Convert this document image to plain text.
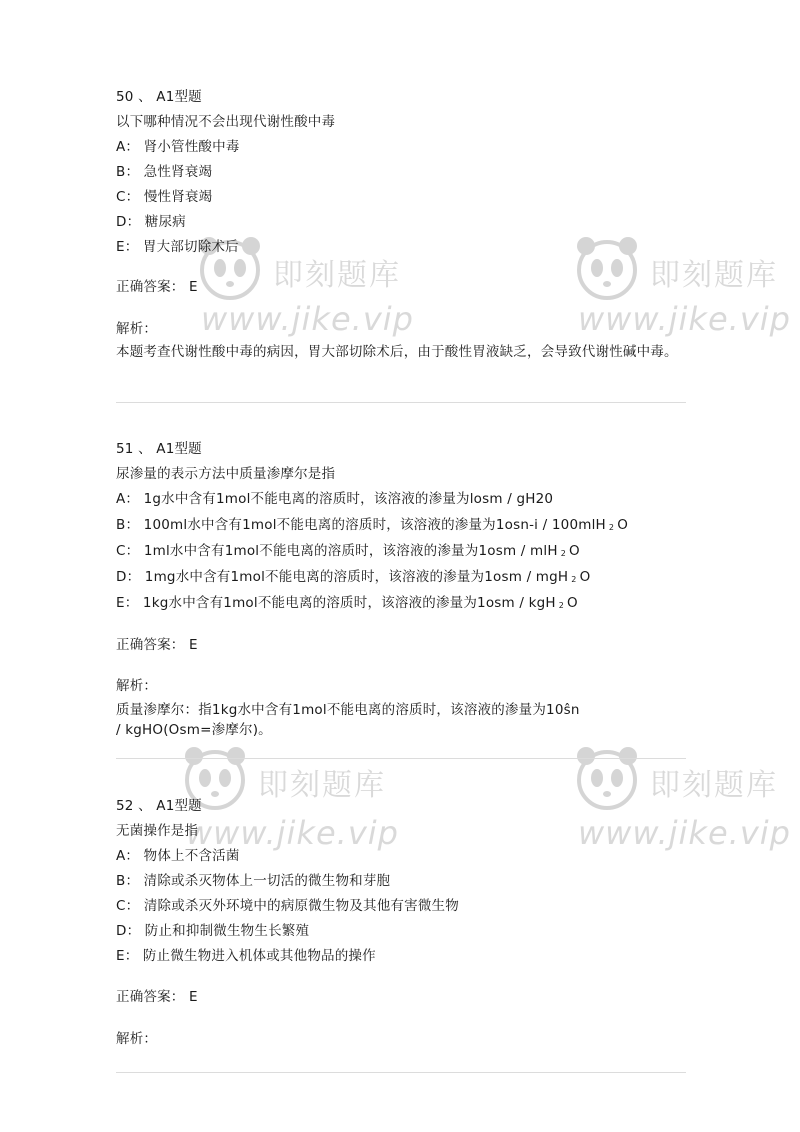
即刻题库
www.jike.vip
即刻题库
www.jike.vip
即刻题库
www.jike.vip
即刻题库
www.jike.vip
50 、 A1型题
以下哪种情况不会出现代谢性酸中毒
A： 肾小管性酸中毒
B： 急性肾衰竭
C： 慢性肾衰竭
D： 糖尿病
E： 胃大部切除术后
正确答案： E
解析：
本题考查代谢性酸中毒的病因，胃大部切除术后，由于酸性胃液缺乏，会导致代谢性碱中毒。
51 、 A1型题
尿渗量的表示方法中质量渗摩尔是指
A： 1g水中含有1mol不能电离的溶质时，该溶液的渗量为losm / gH20
B： 100ml水中含有1mol不能电离的溶质时，该溶液的渗量为1osn-i / 100mlH 2 O
C： 1ml水中含有1mol不能电离的溶质时，该溶液的渗量为1osm / mlH 2 O
D： 1mg水中含有1mol不能电离的溶质时，该溶液的渗量为1osm / mgH 2 O
E： 1kg水中含有1mol不能电离的溶质时，该溶液的渗量为1osm / kgH 2 O
正确答案： E
解析：
质量渗摩尔：指1kg水中含有1mol不能电离的溶质时，该溶液的渗量为10ŝn
/ kgHO(Osm=渗摩尔)。
52 、 A1型题
无菌操作是指
A： 物体上不含活菌
B： 清除或杀灭物体上一切活的微生物和芽胞
C： 清除或杀灭外环境中的病原微生物及其他有害微生物
D： 防止和抑制微生物生长繁殖
E： 防止微生物进入机体或其他物品的操作
正确答案： E
解析：
